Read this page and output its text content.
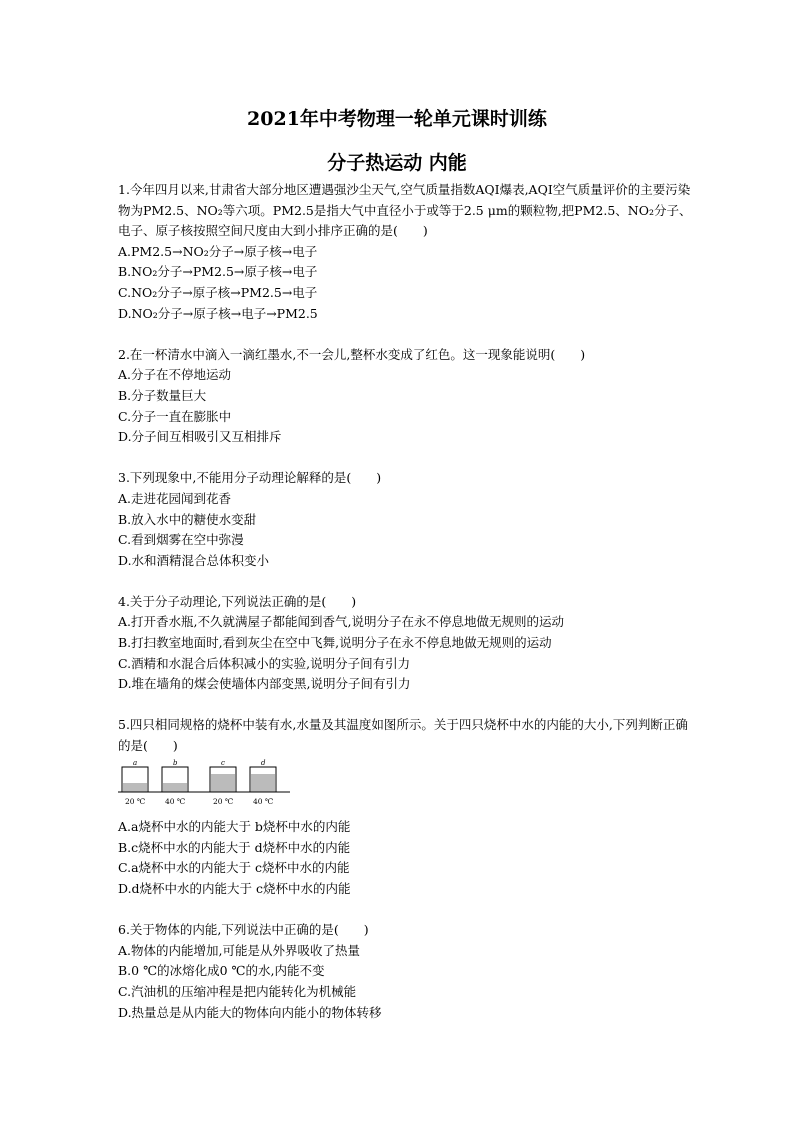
2021年中考物理一轮单元课时训练
分子热运动 内能

1.今年四月以来,甘肃省大部分地区遭遇强沙尘天气,空气质量指数AQI爆表,AQI空气质量评价的主要污染物为PM2.5、NO₂等六项。PM2.5是指大气中直径小于或等于2.5 μm的颗粒物,把PM2.5、NO₂分子、电子、原子核按照空间尺度由大到小排序正确的是(　　)

A.PM2.5→NO₂分子→原子核→电子

B.NO₂分子→PM2.5→原子核→电子

C.NO₂分子→原子核→PM2.5→电子

D.NO₂分子→原子核→电子→PM2.5

2.在一杯清水中滴入一滴红墨水,不一会儿,整杯水变成了红色。这一现象能说明(　　)

A.分子在不停地运动

B.分子数量巨大

C.分子一直在膨胀中

D.分子间互相吸引又互相排斥

3.下列现象中,不能用分子动理论解释的是(　　)

A.走进花园闻到花香

B.放入水中的糖使水变甜

C.看到烟雾在空中弥漫

D.水和酒精混合总体积变小

4.关于分子动理论,下列说法正确的是(　　)

A.打开香水瓶,不久就满屋子都能闻到香气,说明分子在永不停息地做无规则的运动

B.打扫教室地面时,看到灰尘在空中飞舞,说明分子在永不停息地做无规则的运动

C.酒精和水混合后体积减小的实验,说明分子间有引力

D.堆在墙角的煤会使墙体内部变黑,说明分子间有引力

5.四只相同规格的烧杯中装有水,水量及其温度如图所示。关于四只烧杯中水的内能的大小,下列判断正确的是(　　)

a
20 ℃
b
40 ℃
c
20 ℃
d
40 ℃

A.a烧杯中水的内能大于 b烧杯中水的内能

B.c烧杯中水的内能大于 d烧杯中水的内能

C.a烧杯中水的内能大于 c烧杯中水的内能

D.d烧杯中水的内能大于 c烧杯中水的内能

6.关于物体的内能,下列说法中正确的是(　　)

A.物体的内能增加,可能是从外界吸收了热量

B.0 ℃的冰熔化成0 ℃的水,内能不变

C.汽油机的压缩冲程是把内能转化为机械能

D.热量总是从内能大的物体向内能小的物体转移
